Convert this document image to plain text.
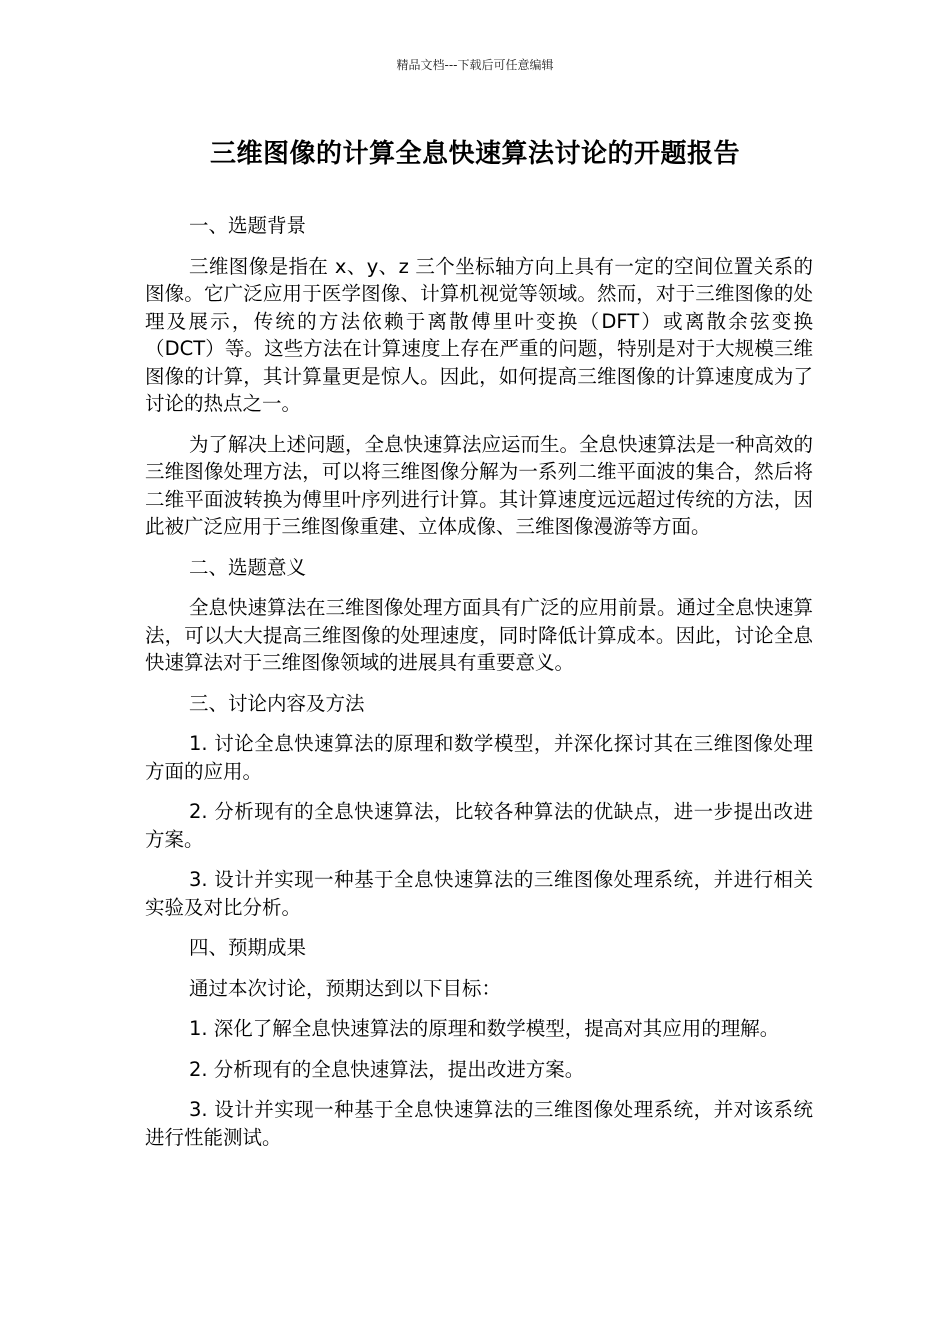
精品文档---下载后可任意编辑
三维图像的计算全息快速算法讨论的开题报告

一、选题背景

三维图像是指在 x、y、z 三个坐标轴方向上具有一定的空间位置关系的图像。它广泛应用于医学图像、计算机视觉等领域。然而，对于三维图像的处理及展示，传统的方法依赖于离散傅里叶变换（DFT）或离散余弦变换（DCT）等。这些方法在计算速度上存在严重的问题，特别是对于大规模三维图像的计算，其计算量更是惊人。因此，如何提高三维图像的计算速度成为了讨论的热点之一。

为了解决上述问题，全息快速算法应运而生。全息快速算法是一种高效的三维图像处理方法，可以将三维图像分解为一系列二维平面波的集合，然后将二维平面波转换为傅里叶序列进行计算。其计算速度远远超过传统的方法，因此被广泛应用于三维图像重建、立体成像、三维图像漫游等方面。

二、选题意义

全息快速算法在三维图像处理方面具有广泛的应用前景。通过全息快速算法，可以大大提高三维图像的处理速度，同时降低计算成本。因此，讨论全息快速算法对于三维图像领域的进展具有重要意义。

三、讨论内容及方法

1. 讨论全息快速算法的原理和数学模型，并深化探讨其在三维图像处理方面的应用。

2. 分析现有的全息快速算法，比较各种算法的优缺点，进一步提出改进方案。

3. 设计并实现一种基于全息快速算法的三维图像处理系统，并进行相关实验及对比分析。

四、预期成果

通过本次讨论，预期达到以下目标：

1. 深化了解全息快速算法的原理和数学模型，提高对其应用的理解。

2. 分析现有的全息快速算法，提出改进方案。

3. 设计并实现一种基于全息快速算法的三维图像处理系统，并对该系统进行性能测试。
